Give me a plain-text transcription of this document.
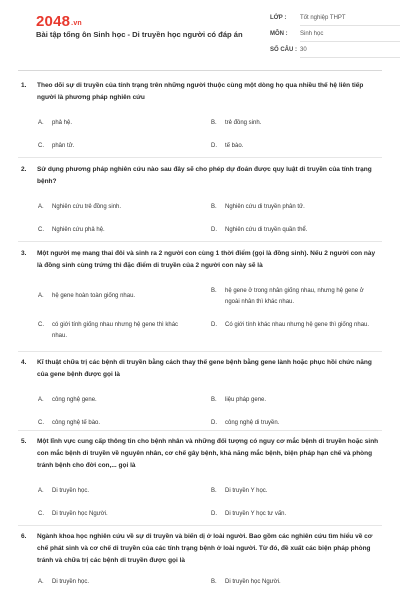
2048.vn
Bài tập tổng ôn Sinh học - Di truyền học người có đáp án
LỚP :	Tốt nghiệp THPT
MÔN :	Sinh học
SỐ CÂU : 30
1.	Theo dõi sự di truyền của tính trạng trên những người thuộc cùng một dòng họ qua nhiều thế hệ liên tiếp người là phương pháp nghiên cứu
A.	phả hệ.	B.	trẻ đồng sinh.
C.	phân tử.	D.	tế bào.
2.	Sử dụng phương pháp nghiên cứu nào sau đây sẽ cho phép dự đoán được quy luật di truyền của tính trạng bệnh?
A.	Nghiên cứu trẻ đồng sinh.	B.	Nghiên cứu di truyền phân tử.
C.	Nghiên cứu phả hệ.	D.	Nghiên cứu di truyền quần thể.
3.	Một người mẹ mang thai đôi và sinh ra 2 người con cùng 1 thời điểm (gọi là đồng sinh). Nếu 2 người con này là đồng sinh cùng trứng thì đặc điểm di truyền của 2 người con này sẽ là
A.	hệ gene hoàn toàn giống nhau.
B.	hệ gene ở trong nhân giống nhau, nhưng hệ gene ở ngoài nhân thì khác nhau.
C.	có giới tính giống nhau nhưng hệ gene thì khác nhau.
D.	Có giới tính khác nhau nhưng hệ gene thì giống nhau.
4.	Kĩ thuật chữa trị các bệnh di truyền bằng cách thay thế gene bệnh bằng gene lành hoặc phục hồi chức năng của gene bệnh được gọi là
A.	công nghệ gene.	B.	liệu pháp gene.
C.	công nghệ tế bào.	D.	công nghệ di truyền.
5.	Một lĩnh vực cung cấp thông tin cho bệnh nhân và những đối tượng có nguy cơ mắc bệnh di truyền hoặc sinh con mắc bệnh di truyền về nguyên nhân, cơ chế gây bệnh, khả năng mắc bệnh, biện pháp hạn chế và phòng tránh bệnh cho đời con,... gọi là
A.	Di truyền học.	B.	Di truyền Y học.
C.	Di truyền học Người.	D.	Di truyền Y học tư vấn.
6.	Ngành khoa học nghiên cứu về sự di truyền và biến dị ở loài người. Bao gồm các nghiên cứu tìm hiểu về cơ chế phát sinh và cơ chế di truyền của các tính trạng bệnh ở loài người. Từ đó, đề xuất các biện pháp phòng tránh và chữa trị các bệnh di truyền được gọi là
A.	Di truyền học.	B.	Di truyền học Người.
